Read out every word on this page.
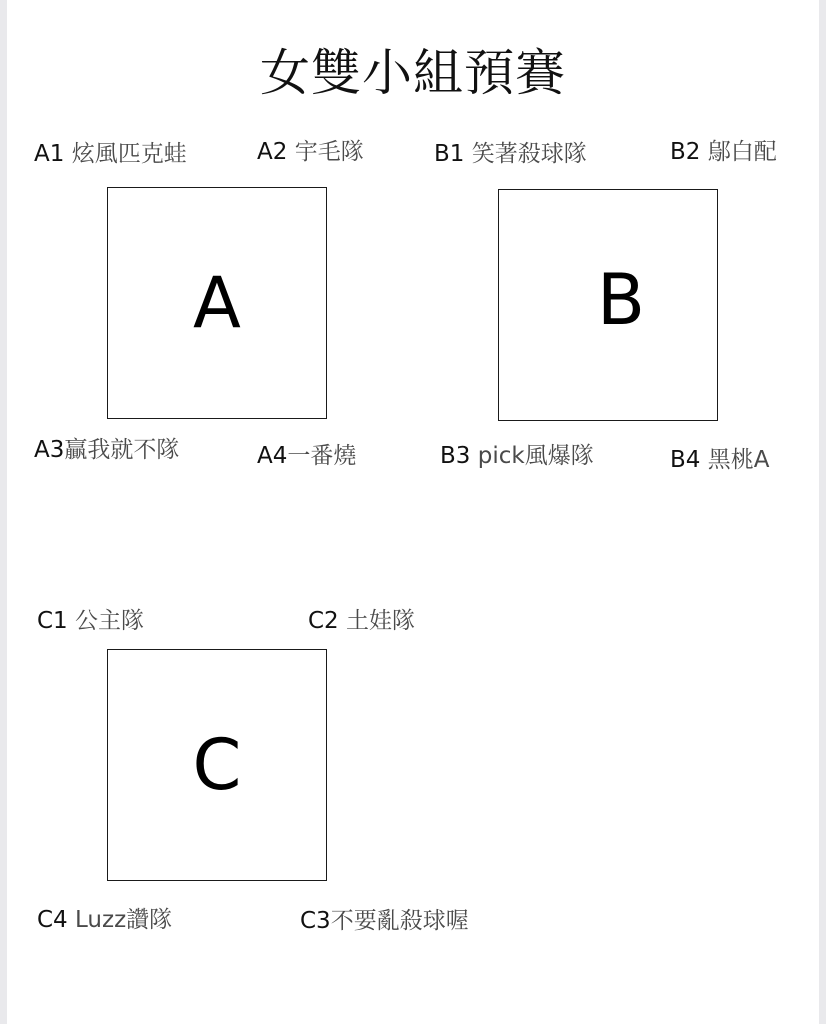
女雙小組預賽
A1 炫風匹克蛙	A2 宇毛隊
A
A3贏我就不隊	A4一番燒
B1 笑著殺球隊	B2 鄔白配
B
B3 pick風爆隊	B4 黑桃A
C1 公主隊	C2 土娃隊
C
C4 Luzz讚隊	C3不要亂殺球喔
